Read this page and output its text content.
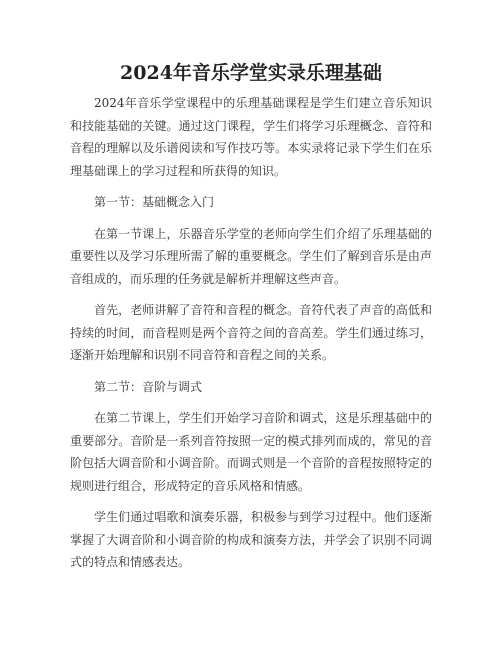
2024年音乐学堂实录乐理基础

2024年音乐学堂课程中的乐理基础课程是学生们建立音乐知识和技能基础的关键。通过这门课程，学生们将学习乐理概念、音符和音程的理解以及乐谱阅读和写作技巧等。本实录将记录下学生们在乐理基础课上的学习过程和所获得的知识。

第一节：基础概念入门

在第一节课上，乐器音乐学堂的老师向学生们介绍了乐理基础的重要性以及学习乐理所需了解的重要概念。学生们了解到音乐是由声音组成的，而乐理的任务就是解析并理解这些声音。

首先，老师讲解了音符和音程的概念。音符代表了声音的高低和持续的时间，而音程则是两个音符之间的音高差。学生们通过练习，逐渐开始理解和识别不同音符和音程之间的关系。

第二节：音阶与调式

在第二节课上，学生们开始学习音阶和调式，这是乐理基础中的重要部分。音阶是一系列音符按照一定的模式排列而成的，常见的音阶包括大调音阶和小调音阶。而调式则是一个音阶的音程按照特定的规则进行组合，形成特定的音乐风格和情感。

学生们通过唱歌和演奏乐器，积极参与到学习过程中。他们逐渐掌握了大调音阶和小调音阶的构成和演奏方法，并学会了识别不同调式的特点和情感表达。
